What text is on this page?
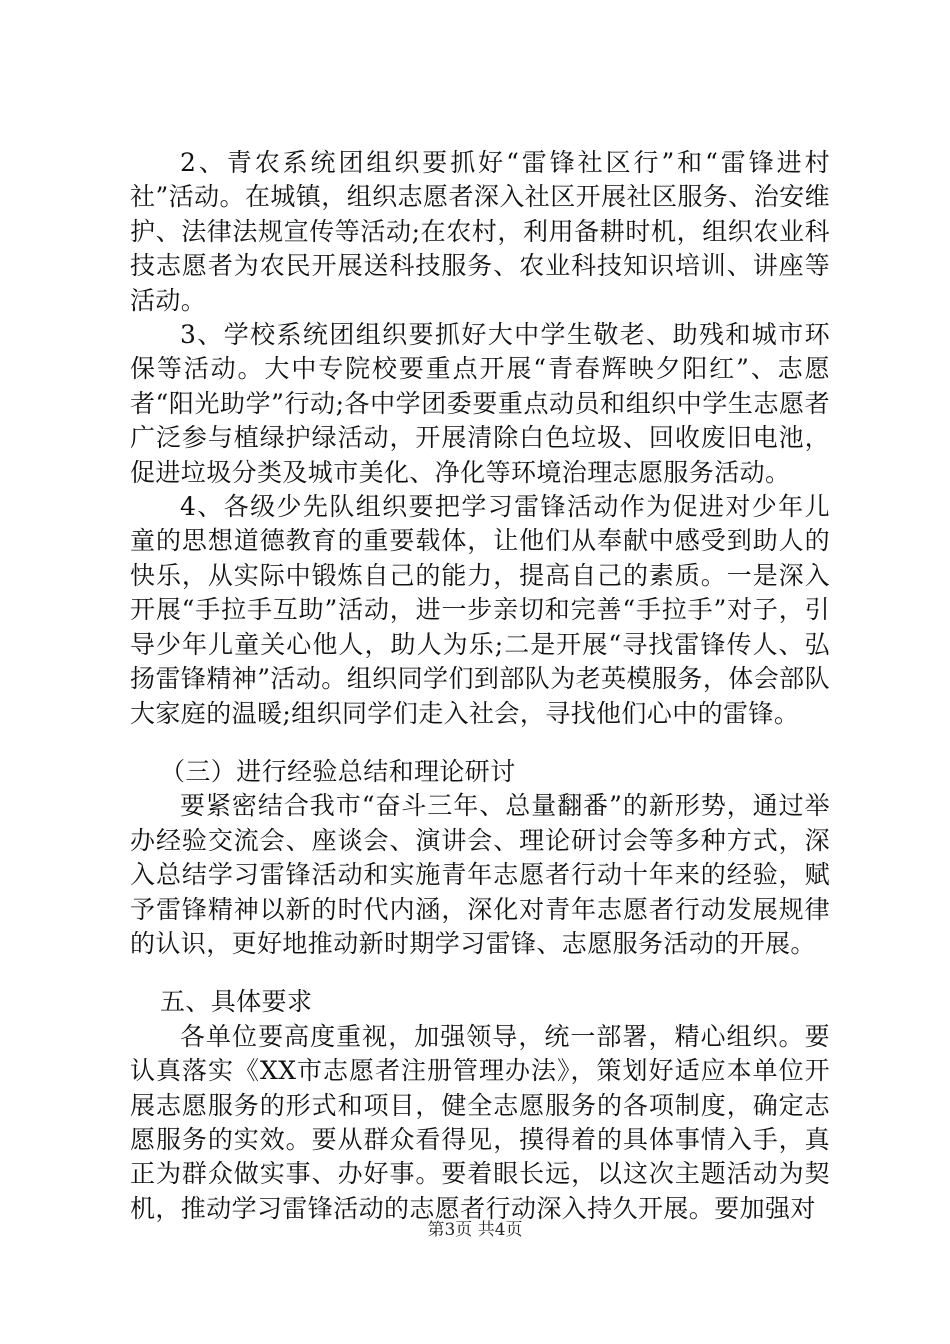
2、青农系统团组织要抓好“雷锋社区行”和“雷锋进村社”活动。在城镇，组织志愿者深入社区开展社区服务、治安维护、法律法规宣传等活动;在农村，利用备耕时机，组织农业科技志愿者为农民开展送科技服务、农业科技知识培训、讲座等活动。

3、学校系统团组织要抓好大中学生敬老、助残和城市环保等活动。大中专院校要重点开展“青春辉映夕阳红”、志愿者“阳光助学”行动;各中学团委要重点动员和组织中学生志愿者广泛参与植绿护绿活动，开展清除白色垃圾、回收废旧电池，促进垃圾分类及城市美化、净化等环境治理志愿服务活动。

4、各级少先队组织要把学习雷锋活动作为促进对少年儿童的思想道德教育的重要载体，让他们从奉献中感受到助人的快乐，从实际中锻炼自己的能力，提高自己的素质。一是深入开展“手拉手互助”活动，进一步亲切和完善“手拉手”对子，引导少年儿童关心他人，助人为乐;二是开展“寻找雷锋传人、弘扬雷锋精神”活动。组织同学们到部队为老英模服务，体会部队大家庭的温暖;组织同学们走入社会，寻找他们心中的雷锋。

（三）进行经验总结和理论研讨

要紧密结合我市“奋斗三年、总量翻番”的新形势，通过举办经验交流会、座谈会、演讲会、理论研讨会等多种方式，深入总结学习雷锋活动和实施青年志愿者行动十年来的经验，赋予雷锋精神以新的时代内涵，深化对青年志愿者行动发展规律的认识，更好地推动新时期学习雷锋、志愿服务活动的开展。

五、具体要求

各单位要高度重视，加强领导，统一部署，精心组织。要认真落实《XX市志愿者注册管理办法》，策划好适应本单位开展志愿服务的形式和项目，健全志愿服务的各项制度，确定志愿服务的实效。要从群众看得见，摸得着的具体事情入手，真正为群众做实事、办好事。要着眼长远，以这次主题活动为契机，推动学习雷锋活动的志愿者行动深入持久开展。要加强对

第3页 共4页
